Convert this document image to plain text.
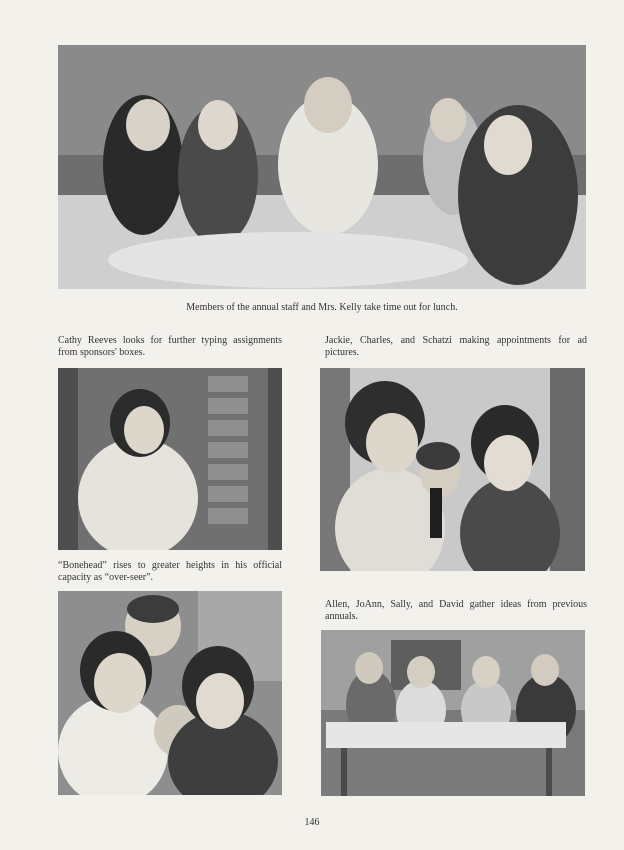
Members of the annual staff and Mrs. Kelly take time out for lunch.
Cathy Reeves looks for further typing assignments from sponsors' boxes.
Jackie, Charles, and Schatzi making appointments for ad pictures.
“Bonehead” rises to greater heights in his official capacity as “over-seer”.
Allen, JoAnn, Sally, and David gather ideas from previous annuals.
146
